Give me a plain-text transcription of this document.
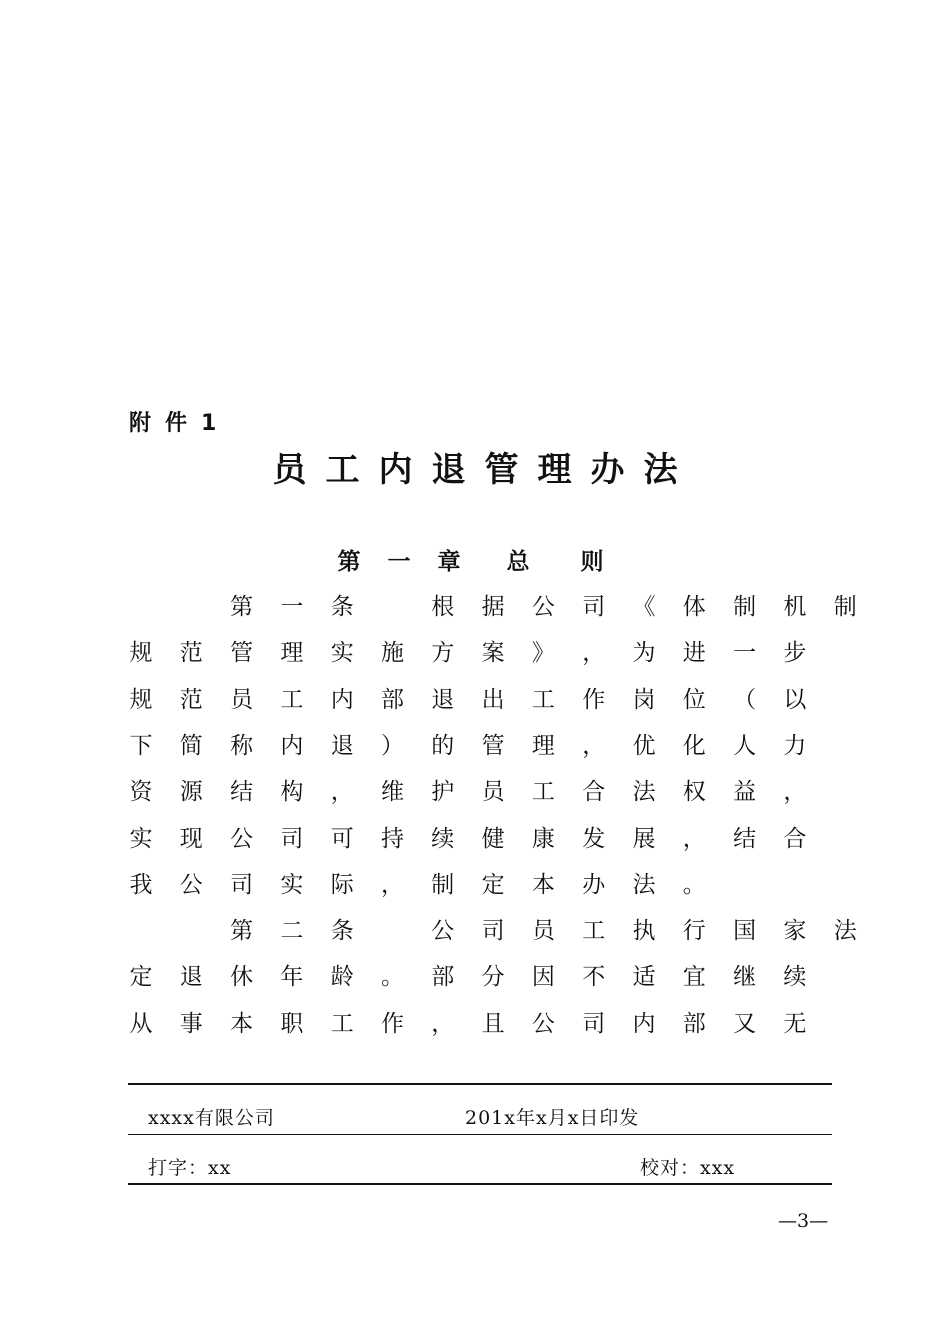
附件1
员工内退管理办法
第	一	章	总	则
第	一	条	根	据	公	司	《	体	制	机	制
规	范	管	理	实	施	方	案	》	，	为	进	一	步
规	范	员	工	内	部	退	出	工	作	岗	位	（	以
下	简	称	内	退	）	的	管	理	，	优	化	人	力
资	源	结	构	，	维	护	员	工	合	法	权	益	，
实	现	公	司	可	持	续	健	康	发	展	，	结	合
我	公	司	实	际	，	制	定	本	办	法	。
第	二	条	公	司	员	工	执	行	国	家	法
定	退	休	年	龄	。	部	分	因	不	适	宜	继	续
从	事	本	职	工	作	，	且	公	司	内	部	又	无
xxxx有限公司	201x年x月x日印发
打字：xx	校对：xxx
—3—
